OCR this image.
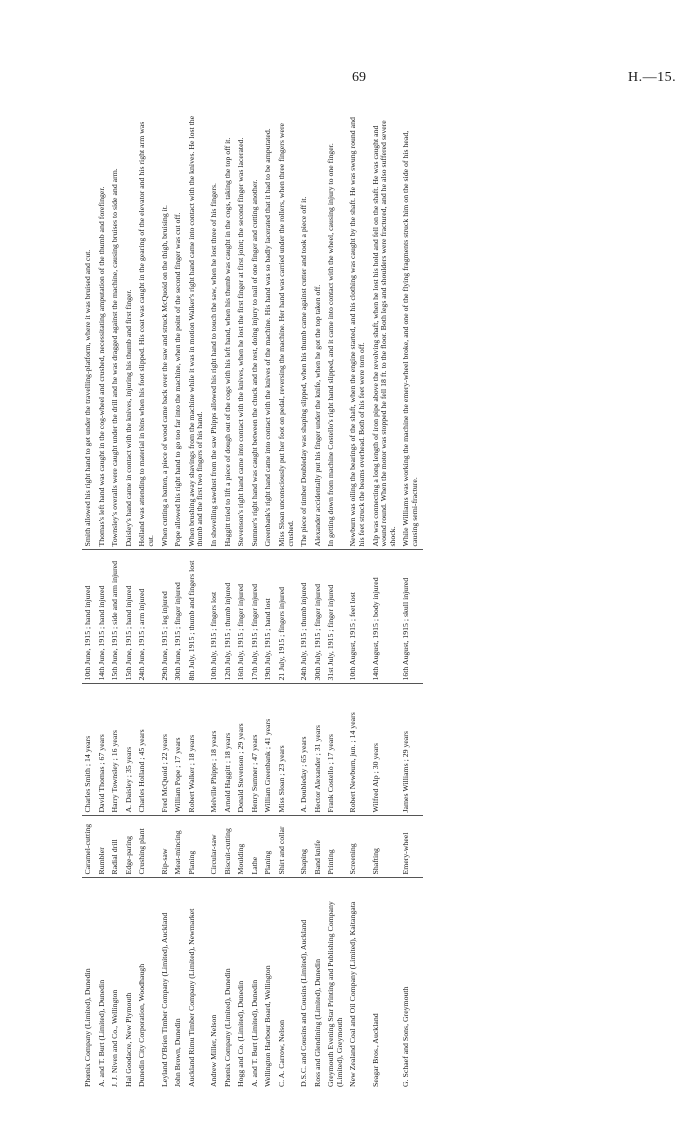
69	H.—15.
Phœnix Company (Limited), Dunedin	Caramel-cutting	Charles Smith ; 14 years	10th June, 1915 ; hand injured	Smith allowed his right hand to get under the travelling-platform, where it was bruised and cut.
A. and T. Burt (Limited), Dunedin	Rumbler	David Thomas ; 67 years	14th June, 1915 ; hand injured	Thomas's left hand was caught in the cog-wheel and crushed, necessitating amputation of the thumb and forefinger.
J. J. Niven and Co., Wellington	Radial drill	Harry Townsley ; 16 years	15th June, 1915 ; side and arm injured	Townsley's overalls were caught under the drill and he was dragged against the machine, causing bruises to side and arm.
Hal Goodacre, New Plymouth	Edge-paring	A. Daisley ; 35 years	15th June, 1915 ; hand injured	Daisley's hand came in contact with the knives, injuring his thumb and first finger.
Dunedin City Corporation, Woodhaugh	Crushing plant	Charles Holland ; 45 years	24th June, 1915 ; arm injured	Holland was attending to material in bins when his foot slipped. His coat was caught in the gearing of the elevator and his right arm was cut.
Leyland O'Brien Timber Company (Limited), Auckland	Rip-saw	Fred McQuoid ; 22 years	29th June, 1915 ; leg injured	When cutting a batten, a piece of wood came back over the saw and struck McQuoid on the thigh, bruising it.
John Brown, Dunedin	Meat-mincing	William Pope ; 17 years	30th June, 1915 ; finger injured	Pope allowed his right hand to go too far into the machine, when the point of the second finger was cut off.
Auckland Rimu Timber Company (Limited), Newmarket	Planing	Robert Walker ; 18 years	8th July, 1915 ; thumb and fingers lost	When brushing away shavings from the machine while it was in motion Walker's right hand came into contact with the knives. He lost the thumb and the first two fingers of his hand.
Andrew Miller, Nelson	Circular-saw	Melville Phipps ; 18 years	10th July, 1915 ; fingers lost	In shovelling sawdust from the saw Phipps allowed his right hand to touch the saw, when he lost three of his fingers.
Phœnix Company (Limited), Dunedin	Biscuit-cutting	Arnold Haggitt ; 18 years	12th July, 1915 ; thumb injured	Haggitt tried to lift a piece of dough out of the cogs with his left hand, when his thumb was caught in the cogs, taking the top off it.
Hogg and Co. (Limited), Dunedin	Moulding	Donald Stevenson ; 29 years	16th July, 1915 ; finger injured	Stevenson's right hand came into contact with the knives, when he lost the first finger at first joint; the second finger was lacerated.
A. and T. Burt (Limited), Dunedin	Lathe	Henry Sumner ; 47 years	17th July, 1915 ; finger injured	Sumner's right hand was caught between the chuck and the rest, doing injury to nail of one finger and cutting another.
Wellington Harbour Board, Wellington	Planing	William Greenbank ; 41 years	19th July, 1915 ; hand lost	Greenbank's right hand came into contact with the knives of the machine. His hand was so badly lacerated that it had to be amputated.
C. A. Carrow, Nelson	Shirt and collar	Miss Sloan ; 23 years	21 July, 1915 ; fingers injured	Miss Sloan unconsciously put her foot on pedal, reversing the machine. Her hand was carried under the rollers, when three fingers were crushed.
D.S.C. and Cousins and Cousins (Limited), Auckland	Shaping	A. Doubleday ; 65 years	24th July, 1915 ; thumb injured	The piece of timber Doubleday was shaping slipped, when his thumb came against cutter and took a piece off it.
Ross and Glendining (Limited), Dunedin	Band knife	Hector Alexander ; 31 years	30th July, 1915 ; finger injured	Alexander accidentally put his finger under the knife, when he got the top taken off.
Greymouth Evening Star Printing and Publishing Company (Limited), Greymouth	Printing	Frank Costello ; 17 years	31st July, 1915 ; finger injured	In getting down from machine Costello's right hand slipped, and it came into contact with the wheel, causing injury to one finger.
New Zealand Coal and Oil Company (Limited), Kaitangata	Screening	Robert Newburn, jun. ; 14 years	10th August, 1915 ; feet lost	Newburn was oiling the bearings of the shaft, when the engine started, and his clothing was caught by the shaft. He was swung round and his feet struck the beams overhead. Both of his feet were torn off.
Seagar Bros., Auckland	Shafting	Wilfred Alp ; 30 years	14th August, 1915 ; body injured	Alp was connecting a long length of iron pipe above the revolving shaft, when he lost his hold and fell on the shaft. He was caught and wound round. When the motor was stopped he fell 18 ft. to the floor. Both legs and shoulders were fractured, and he also suffered severe shock.
G. Schaef and Sons, Greymouth	Emery-wheel	James Williams ; 29 years	16th August, 1915 ; skull injured	While Williams was working the machine the emery-wheel broke, and one of the flying fragments struck him on the side of his head, causing semi-fracture.
